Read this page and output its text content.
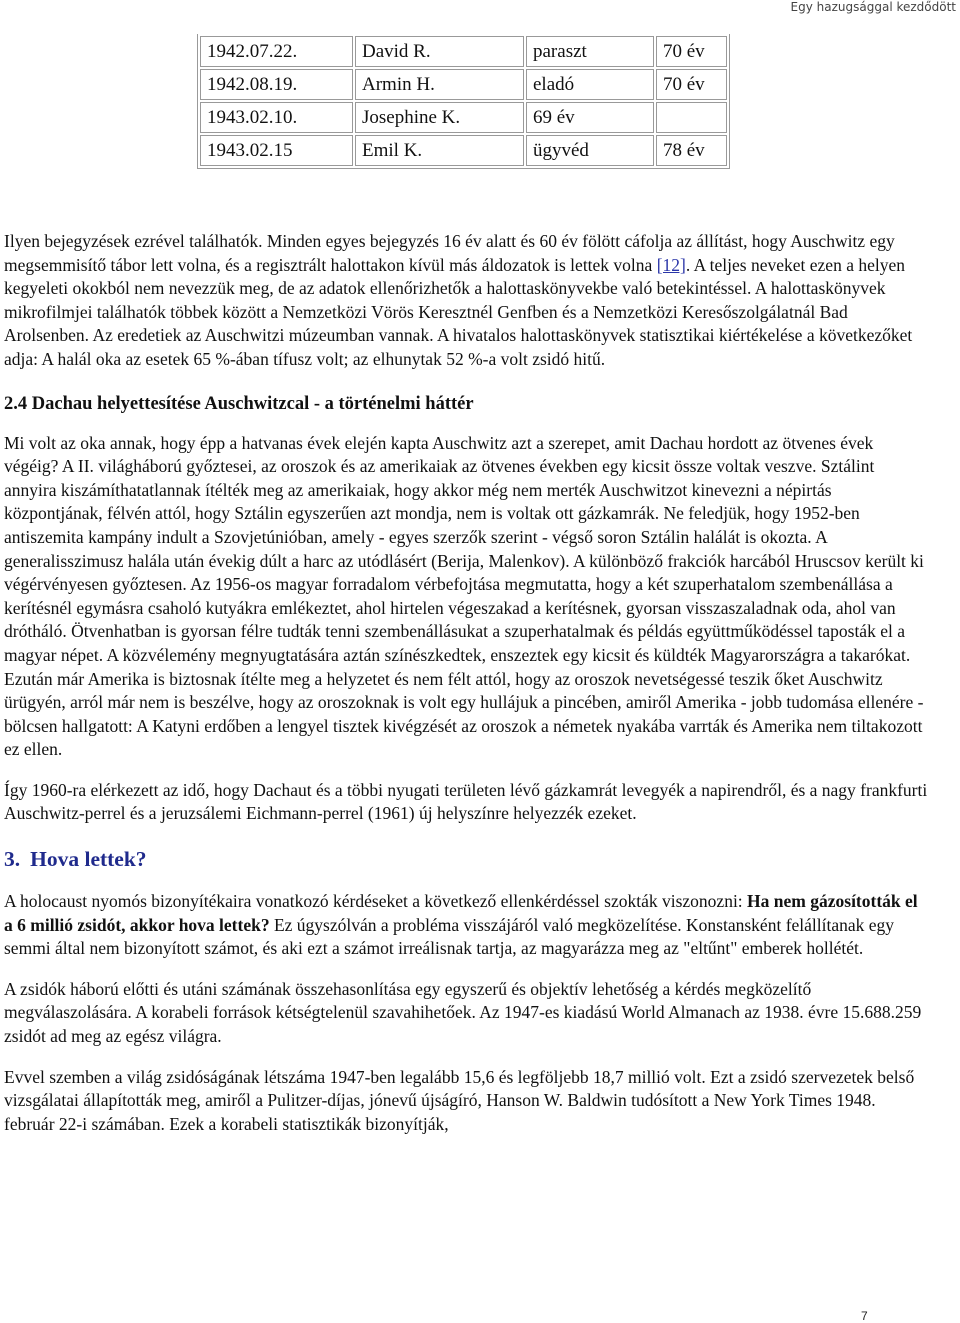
Egy hazugsággal kezdődött
1942.07.22.	David R.	paraszt	70 év
1942.08.19.	Armin H.	eladó	70 év
1943.02.10.	Josephine K.	69 év	
1943.02.15	Emil K.	ügyvéd	78 év

Ilyen bejegyzések ezrével találhatók. Minden egyes bejegyzés 16 év alatt és 60 év fölött cáfolja az állítást, hogy Auschwitz egy megsemmisítő tábor lett volna, és a regisztrált halottakon kívül más áldozatok is lettek volna [12]. A teljes neveket ezen a helyen kegyeleti okokból nem nevezzük meg, de az adatok ellenőrizhetők a halottaskönyvekbe való betekintéssel. A halottaskönyvek mikrofilmjei találhatók többek között a Nemzetközi Vörös Keresztnél Genfben és a Nemzetközi Keresőszolgálatnál Bad Arolsenben. Az eredetiek az Auschwitzi múzeumban vannak. A hivatalos halottaskönyvek statisztikai kiértékelése a következőket adja: A halál oka az esetek 65 %-ában tífusz volt; az elhunytak 52 %-a volt zsidó hitű.

2.4 Dachau helyettesítése Auschwitzcal - a történelmi háttér

Mi volt az oka annak, hogy épp a hatvanas évek elején kapta Auschwitz azt a szerepet, amit Dachau hordott az ötvenes évek végéig? A II. világháború győztesei, az oroszok és az amerikaiak az ötvenes években egy kicsit össze voltak veszve. Sztálint annyira kiszámíthatatlannak ítélték meg az amerikaiak, hogy akkor még nem merték Auschwitzot kinevezni a népirtás központjának, félvén attól, hogy Sztálin egyszerűen azt mondja, nem is voltak ott gázkamrák. Ne feledjük, hogy 1952-ben antiszemita kampány indult a Szovjetúnióban, amely - egyes szerzők szerint - végső soron Sztálin halálát is okozta. A generalisszimusz halála után évekig dúlt a harc az utódlásért (Berija, Malenkov). A különböző frakciók harcából Hruscsov került ki végérvényesen győztesen. Az 1956-os magyar forradalom vérbefojtása megmutatta, hogy a két szuperhatalom szembenállása a kerítésnél egymásra csaholó kutyákra emlékeztet, ahol hirtelen végeszakad a kerítésnek, gyorsan visszaszaladnak oda, ahol van drótháló. Ötvenhatban is gyorsan félre tudták tenni szembenállásukat a szuperhatalmak és példás együttműködéssel taposták el a magyar népet. A közvélemény megnyugtatására aztán színészkedtek, enszeztek egy kicsit és küldték Magyarországra a takarókat. Ezután már Amerika is biztosnak ítélte meg a helyzetet és nem félt attól, hogy az oroszok nevetségessé teszik őket Auschwitz ürügyén, arról már nem is beszélve, hogy az oroszoknak is volt egy hullájuk a pincében, amiről Amerika - jobb tudomása ellenére - bölcsen hallgatott: A Katyni erdőben a lengyel tisztek kivégzését az oroszok a németek nyakába varrták és Amerika nem tiltakozott ez ellen.

Így 1960-ra elérkezett az idő, hogy Dachaut és a többi nyugati területen lévő gázkamrát levegyék a napirendről, és a nagy frankfurti Auschwitz-perrel és a jeruzsálemi Eichmann-perrel (1961) új helyszínre helyezzék ezeket.

3. Hova lettek?

A holocaust nyomós bizonyítékaira vonatkozó kérdéseket a következő ellenkérdéssel szokták viszonozni: Ha nem gázosították el a 6 millió zsidót, akkor hova lettek? Ez úgyszólván a probléma visszájáról való megközelítése. Konstansként felállítanak egy semmi által nem bizonyított számot, és aki ezt a számot irreálisnak tartja, az magyarázza meg az "eltűnt" emberek hollétét.

A zsidók háború előtti és utáni számának összehasonlítása egy egyszerű és objektív lehetőség a kérdés megközelítő megválaszolására. A korabeli források kétségtelenül szavahihetőek. Az 1947-es kiadású World Almanach az 1938. évre 15.688.259 zsidót ad meg az egész világra.

Evvel szemben a világ zsidóságának létszáma 1947-ben legalább 15,6 és legföljebb 18,7 millió volt. Ezt a zsidó szervezetek belső vizsgálatai állapították meg, amiről a Pulitzer-díjas, jónevű újságíró, Hanson W. Baldwin tudósított a New York Times 1948. február 22-i számában. Ezek a korabeli statisztikák bizonyítják,

7
